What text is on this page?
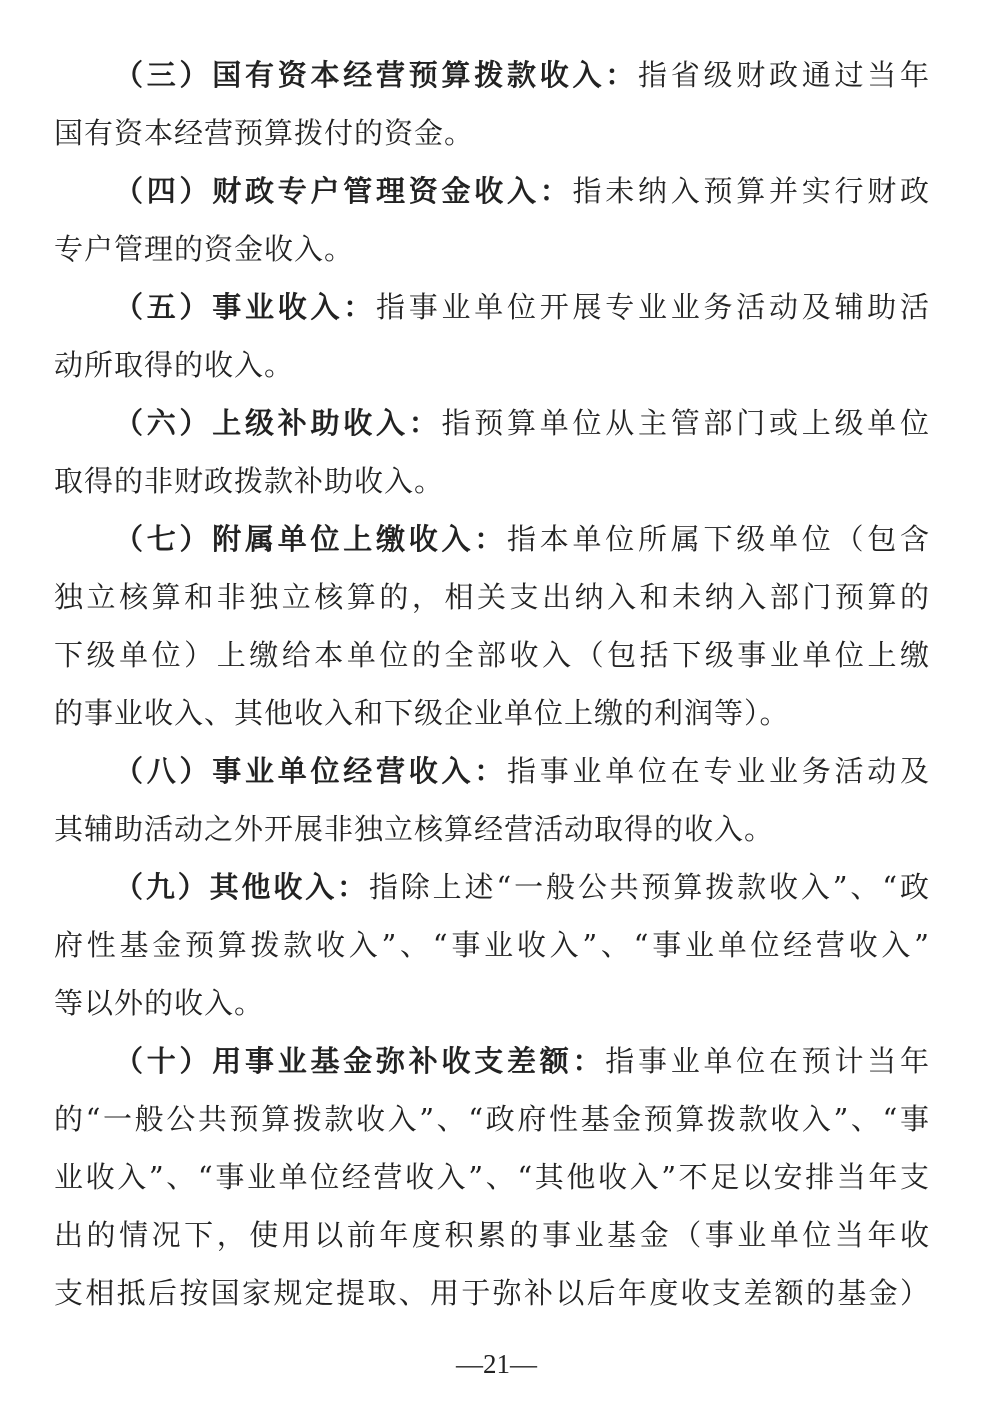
（三）国有资本经营预算拨款收入：指省级财政通过当年
国有资本经营预算拨付的资金。
（四）财政专户管理资金收入：指未纳入预算并实行财政
专户管理的资金收入。
（五）事业收入：指事业单位开展专业业务活动及辅助活
动所取得的收入。
（六）上级补助收入：指预算单位从主管部门或上级单位
取得的非财政拨款补助收入。
（七）附属单位上缴收入：指本单位所属下级单位（包含
独立核算和非独立核算的，相关支出纳入和未纳入部门预算的
下级单位）上缴给本单位的全部收入（包括下级事业单位上缴
的事业收入、其他收入和下级企业单位上缴的利润等）。
（八）事业单位经营收入：指事业单位在专业业务活动及
其辅助活动之外开展非独立核算经营活动取得的收入。
（九）其他收入：指除上述“一般公共预算拨款收入”、“政
府性基金预算拨款收入”、“事业收入”、“事业单位经营收入”
等以外的收入。
（十）用事业基金弥补收支差额：指事业单位在预计当年
的“一般公共预算拨款收入”、“政府性基金预算拨款收入”、“事
业收入”、“事业单位经营收入”、“其他收入”不足以安排当年支
出的情况下，使用以前年度积累的事业基金（事业单位当年收
支相抵后按国家规定提取、用于弥补以后年度收支差额的基金）
—21—
